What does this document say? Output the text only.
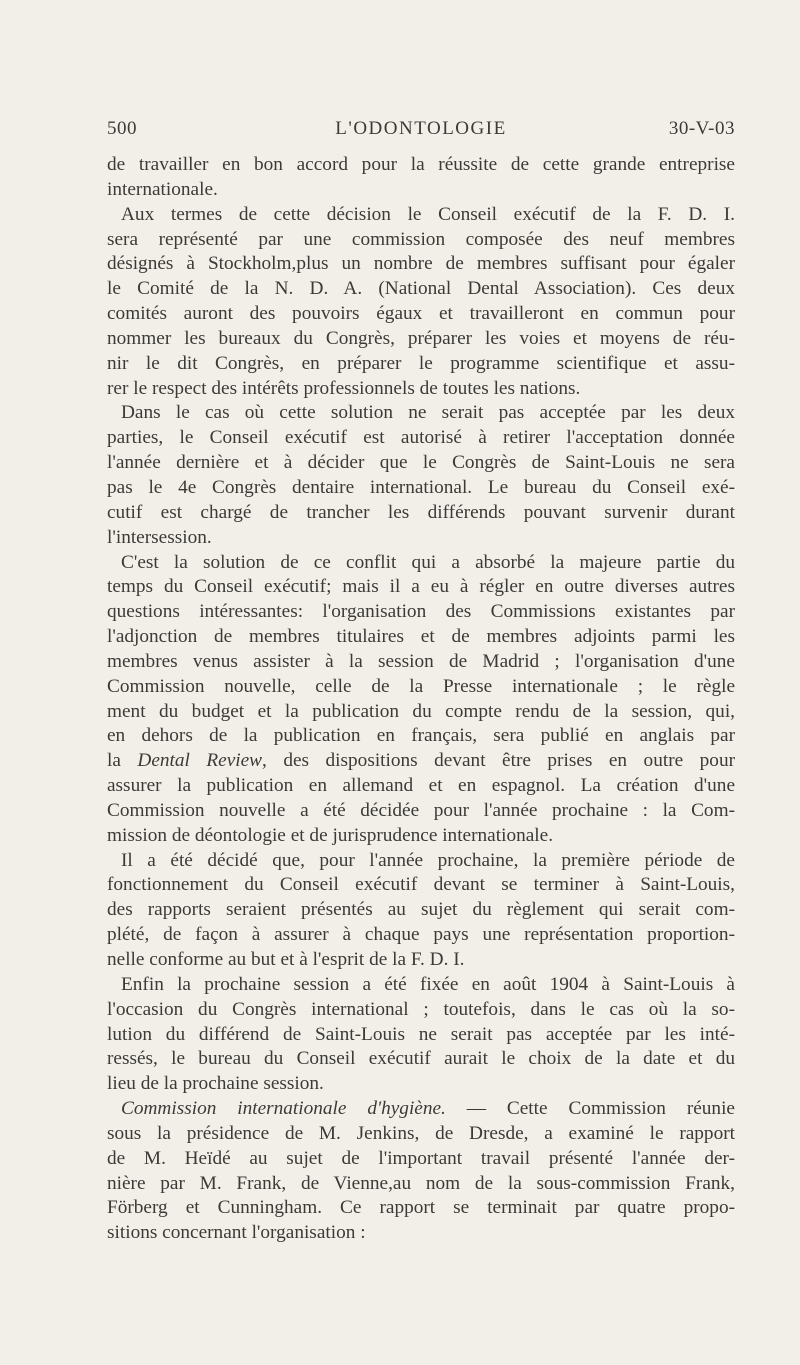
500	L'ODONTOLOGIE	30-V-03
de travailler en bon accord pour la réussite de cette grande entreprise
internationale.
Aux termes de cette décision le Conseil exécutif de la F. D. I.
sera représenté par une commission composée des neuf membres
désignés à Stockholm,plus un nombre de membres suffisant pour égaler
le Comité de la N. D. A. (National Dental Association). Ces deux
comités auront des pouvoirs égaux et travailleront en commun pour
nommer les bureaux du Congrès, préparer les voies et moyens de réu-
nir le dit Congrès, en préparer le programme scientifique et assu-
rer le respect des intérêts professionnels de toutes les nations.
Dans le cas où cette solution ne serait pas acceptée par les deux
parties, le Conseil exécutif est autorisé à retirer l'acceptation donnée
l'année dernière et à décider que le Congrès de Saint-Louis ne sera
pas le 4e Congrès dentaire international. Le bureau du Conseil exé-
cutif est chargé de trancher les différends pouvant survenir durant
l'intersession.
C'est la solution de ce conflit qui a absorbé la majeure partie du
temps du Conseil exécutif; mais il a eu à régler en outre diverses autres
questions intéressantes: l'organisation des Commissions existantes par
l'adjonction de membres titulaires et de membres adjoints parmi les
membres venus assister à la session de Madrid ; l'organisation d'une
Commission nouvelle, celle de la Presse internationale ; le règle
ment du budget et la publication du compte rendu de la session, qui,
en dehors de la publication en français, sera publié en anglais par
la Dental Review, des dispositions devant être prises en outre pour
assurer la publication en allemand et en espagnol. La création d'une
Commission nouvelle a été décidée pour l'année prochaine : la Com-
mission de déontologie et de jurisprudence internationale.
Il a été décidé que, pour l'année prochaine, la première période de
fonctionnement du Conseil exécutif devant se terminer à Saint-Louis,
des rapports seraient présentés au sujet du règlement qui serait com-
plété, de façon à assurer à chaque pays une représentation proportion-
nelle conforme au but et à l'esprit de la F. D. I.
Enfin la prochaine session a été fixée en août 1904 à Saint-Louis à
l'occasion du Congrès international ; toutefois, dans le cas où la so-
lution du différend de Saint-Louis ne serait pas acceptée par les inté-
ressés, le bureau du Conseil exécutif aurait le choix de la date et du
lieu de la prochaine session.
Commission internationale d'hygiène. — Cette Commission réunie
sous la présidence de M. Jenkins, de Dresde, a examiné le rapport
de M. Heïdé au sujet de l'important travail présenté l'année der-
nière par M. Frank, de Vienne,au nom de la sous-commission Frank,
Förberg et Cunningham. Ce rapport se terminait par quatre propo-
sitions concernant l'organisation :
